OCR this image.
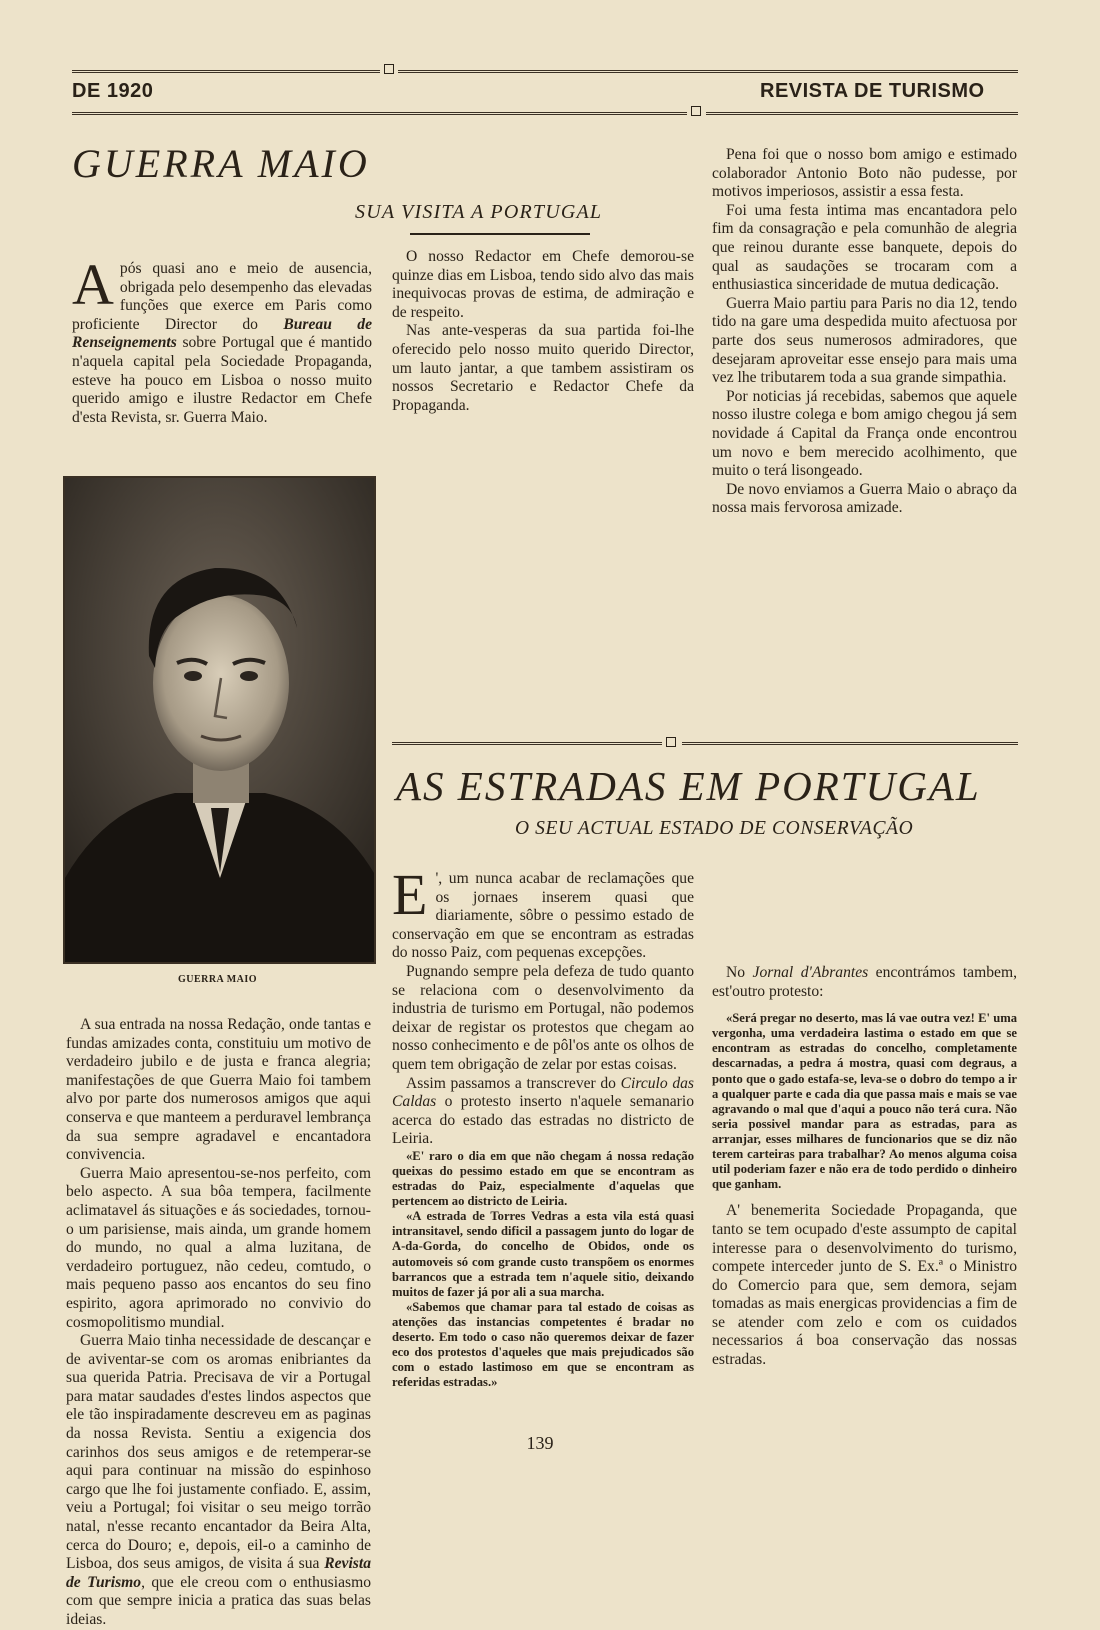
DE 1920	REVISTA DE TURISMO
GUERRA MAIO
SUA VISITA A PORTUGAL

Após quasi ano e meio de ausencia, obrigada pelo desempenho das elevadas funções que exerce em Paris como proficiente Director do Bureau de Renseignements sobre Portugal que é mantido n'aquela capital pela Sociedade Propaganda, esteve ha pouco em Lisboa o nosso muito querido amigo e ilustre Redactor em Chefe d'esta Revista, sr. Guerra Maio.

GUERRA MAIO

A sua entrada na nossa Redação, onde tantas e fundas amizades conta, constituiu um motivo de verdadeiro jubilo e de justa e franca alegria; manifestações de que Guerra Maio foi tambem alvo por parte dos numerosos amigos que aqui conserva e que manteem a perduravel lembrança da sua sempre agradavel e encantadora convivencia.

Guerra Maio apresentou-se-nos perfeito, com belo aspecto. A sua bôa tempera, facilmente aclimatavel ás situações e ás sociedades, tornou-o um parisiense, mais ainda, um grande homem do mundo, no qual a alma luzitana, de verdadeiro portuguez, não cedeu, comtudo, o mais pequeno passo aos encantos do seu fino espirito, agora aprimorado no convivio do cosmopolitismo mundial.

Guerra Maio tinha necessidade de descançar e de aviventar-se com os aromas enibriantes da sua querida Patria. Precisava de vir a Portugal para matar saudades d'estes lindos aspectos que ele tão inspiradamente descreveu em as paginas da nossa Revista. Sentiu a exigencia dos carinhos dos seus amigos e de retemperar-se aqui para continuar na missão do espinhoso cargo que lhe foi justamente confiado. E, assim, veiu a Portugal; foi visitar o seu meigo torrão natal, n'esse recanto encantador da Beira Alta, cerca do Douro; e, depois, eil-o a caminho de Lisboa, dos seus amigos, de visita á sua Revista de Turismo, que ele creou com o enthusiasmo com que sempre inicia a pratica das suas belas ideias.

O nosso Redactor em Chefe demorou-se quinze dias em Lisboa, tendo sido alvo das mais inequivocas provas de estima, de admiração e de respeito.

Nas ante-vesperas da sua partida foi-lhe oferecido pelo nosso muito querido Director, um lauto jantar, a que tambem assistiram os nossos Secretario e Redactor Chefe da Propaganda.

Pena foi que o nosso bom amigo e estimado colaborador Antonio Boto não pudesse, por motivos imperiosos, assistir a essa festa.

Foi uma festa intima mas encantadora pelo fim da consagração e pela comunhão de alegria que reinou durante esse banquete, depois do qual as saudações se trocaram com a enthusiastica sinceridade de mutua dedicação.

Guerra Maio partiu para Paris no dia 12, tendo tido na gare uma despedida muito afectuosa por parte dos seus numerosos admiradores, que desejaram aproveitar esse ensejo para mais uma vez lhe tributarem toda a sua grande simpathia.

Por noticias já recebidas, sabemos que aquele nosso ilustre colega e bom amigo chegou já sem novidade á Capital da França onde encontrou um novo e bem merecido acolhimento, que muito o terá lisongeado.

De novo enviamos a Guerra Maio o abraço da nossa mais fervorosa amizade.

AS ESTRADAS EM PORTUGAL
O SEU ACTUAL ESTADO DE CONSERVAÇÃO

E ', um nunca acabar de reclamações que os jornaes inserem quasi que diariamente, sôbre o pessimo estado de conservação em que se encontram as estradas do nosso Paiz, com pequenas excepções.

Pugnando sempre pela defeza de tudo quanto se relaciona com o desenvolvimento da industria de turismo em Portugal, não podemos deixar de registar os protestos que chegam ao nosso conhecimento e de pôl'os ante os olhos de quem tem obrigação de zelar por estas coisas.

Assim passamos a transcrever do Circulo das Caldas o protesto inserto n'aquele semanario acerca do estado das estradas no districto de Leiria.

«E' raro o dia em que não chegam á nossa redação queixas do pessimo estado em que se encontram as estradas do Paiz, especialmente d'aquelas que pertencem ao districto de Leiria.

«A estrada de Torres Vedras a esta vila está quasi intransitavel, sendo dificil a passagem junto do logar de A-da-Gorda, do concelho de Obidos, onde os automoveis só com grande custo transpõem os enormes barrancos que a estrada tem n'aquele sitio, deixando muitos de fazer já por ali a sua marcha.

«Sabemos que chamar para tal estado de coisas as atenções das instancias competentes é bradar no deserto. Em todo o caso não queremos deixar de fazer eco dos protestos d'aqueles que mais prejudicados são com o estado lastimoso em que se encontram as referidas estradas.»

No Jornal d'Abrantes encontrámos tambem, est'outro protesto:

«Será pregar no deserto, mas lá vae outra vez! E' uma vergonha, uma verdadeira lastima o estado em que se encontram as estradas do concelho, completamente descarnadas, a pedra á mostra, quasi com degraus, a ponto que o gado estafa-se, leva-se o dobro do tempo a ir a qualquer parte e cada dia que passa mais e mais se vae agravando o mal que d'aqui a pouco não terá cura. Não seria possivel mandar para as estradas, para as arranjar, esses milhares de funcionarios que se diz não terem carteiras para trabalhar? Ao menos alguma coisa util poderiam fazer e não era de todo perdido o dinheiro que ganham.

A' benemerita Sociedade Propaganda, que tanto se tem ocupado d'este assumpto de capital interesse para o desenvolvimento do turismo, compete interceder junto de S. Ex.ª o Ministro do Comercio para que, sem demora, sejam tomadas as mais energicas providencias a fim de se atender com zelo e com os cuidados necessarios á boa conservação das nossas estradas.

139
